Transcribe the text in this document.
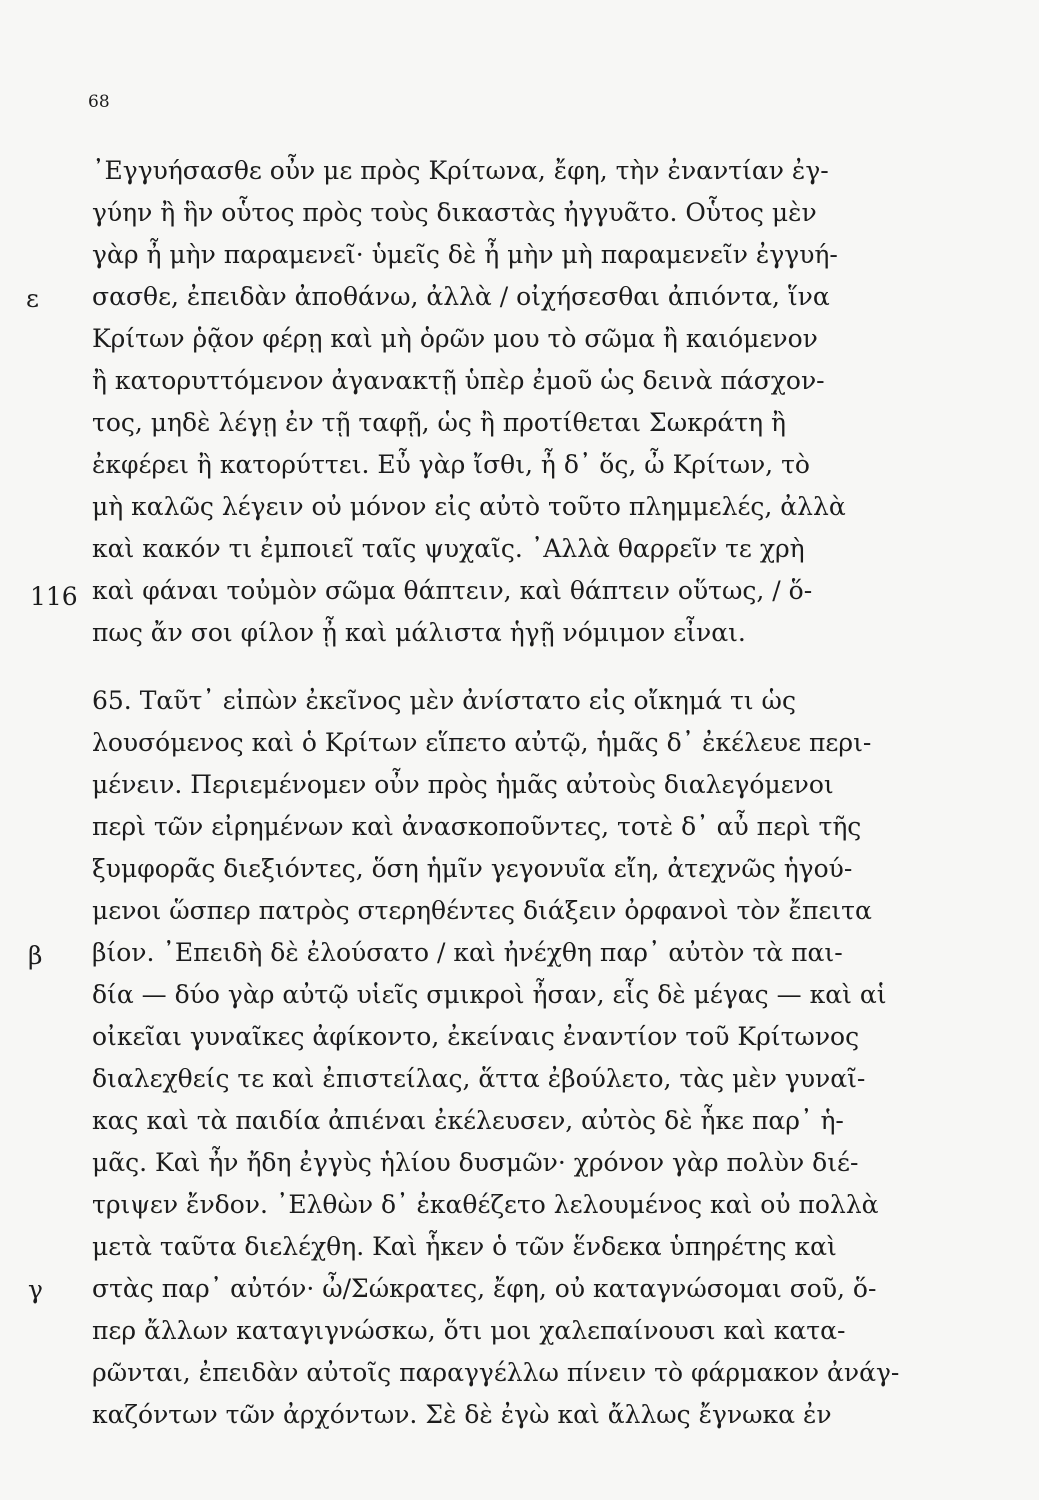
68
ε
116
β
γ
᾿Εγγυήσασθε οὖν με πρὸς Κρίτωνα, ἔφη, τὴν ἐναντίαν ἐγ-
γύην ἢ ἣν οὗτος πρὸς τοὺς δικαστὰς ἠγγυᾶτο. Οὗτος μὲν
γὰρ ἦ μὴν παραμενεῖ· ὑμεῖς δὲ ἦ μὴν μὴ παραμενεῖν ἐγγυή-
σασθε, ἐπειδὰν ἀποθάνω, ἀλλὰ / οἰχήσεσθαι ἀπιόντα, ἵνα
Κρίτων ῥᾷον φέρῃ καὶ μὴ ὁρῶν μου τὸ σῶμα ἢ καιόμενον
ἢ κατορυττόμενον ἀγανακτῇ ὑπὲρ ἐμοῦ ὡς δεινὰ πάσχον-
τος, μηδὲ λέγῃ ἐν τῇ ταφῇ, ὡς ἢ προτίθεται Σωκράτη ἢ
ἐκφέρει ἢ κατορύττει. Εὖ γὰρ ἴσθι, ἦ δ᾿ ὅς, ὦ Κρίτων, τὸ
μὴ καλῶς λέγειν οὐ μόνον εἰς αὐτὸ τοῦτο πλημμελές, ἀλλὰ
καὶ κακόν τι ἐμποιεῖ ταῖς ψυχαῖς. ᾿Αλλὰ θαρρεῖν τε χρὴ
καὶ φάναι τοὐμὸν σῶμα θάπτειν, καὶ θάπτειν οὕτως, / ὅ-
πως ἄν σοι φίλον ᾖ καὶ μάλιστα ἡγῇ νόμιμον εἶναι.
65. Ταῦτ᾿ εἰπὼν ἐκεῖνος μὲν ἀνίστατο εἰς οἴκημά τι ὡς
λουσόμενος καὶ ὁ Κρίτων εἵπετο αὐτῷ, ἡμᾶς δ᾿ ἐκέλευε περι-
μένειν. Περιεμένομεν οὖν πρὸς ἡμᾶς αὐτοὺς διαλεγόμενοι
περὶ τῶν εἰρημένων καὶ ἀνασκοποῦντες, τοτὲ δ᾿ αὖ περὶ τῆς
ξυμφορᾶς διεξιόντες, ὅση ἡμῖν γεγονυῖα εἴη, ἀτεχνῶς ἡγού-
μενοι ὥσπερ πατρὸς στερηθέντες διάξειν ὀρφανοὶ τὸν ἔπειτα
βίον. ᾿Επειδὴ δὲ ἐλούσατο / καὶ ἠνέχθη παρ᾿ αὐτὸν τὰ παι-
δία — δύο γὰρ αὐτῷ υἱεῖς σμικροὶ ἦσαν, εἷς δὲ μέγας — καὶ αἱ
οἰκεῖαι γυναῖκες ἀφίκοντο, ἐκείναις ἐναντίον τοῦ Κρίτωνος
διαλεχθείς τε καὶ ἐπιστείλας, ἅττα ἐβούλετο, τὰς μὲν γυναῖ-
κας καὶ τὰ παιδία ἀπιέναι ἐκέλευσεν, αὐτὸς δὲ ἧκε παρ᾿ ἡ-
μᾶς. Καὶ ἦν ἤδη ἐγγὺς ἡλίου δυσμῶν· χρόνον γὰρ πολὺν διέ-
τριψεν ἔνδον. ᾿Ελθὼν δ᾿ ἐκαθέζετο λελουμένος καὶ οὐ πολλὰ
μετὰ ταῦτα διελέχθη. Καὶ ἧκεν ὁ τῶν ἕνδεκα ὑπηρέτης καὶ
στὰς παρ᾿ αὐτόν· ὦ/Σώκρατες, ἔφη, οὐ καταγνώσομαι σοῦ, ὅ-
περ ἄλλων καταγιγνώσκω, ὅτι μοι χαλεπαίνουσι καὶ κατα-
ρῶνται, ἐπειδὰν αὐτοῖς παραγγέλλω πίνειν τὸ φάρμακον ἀνάγ-
καζόντων τῶν ἀρχόντων. Σὲ δὲ ἐγὼ καὶ ἄλλως ἔγνωκα ἐν
